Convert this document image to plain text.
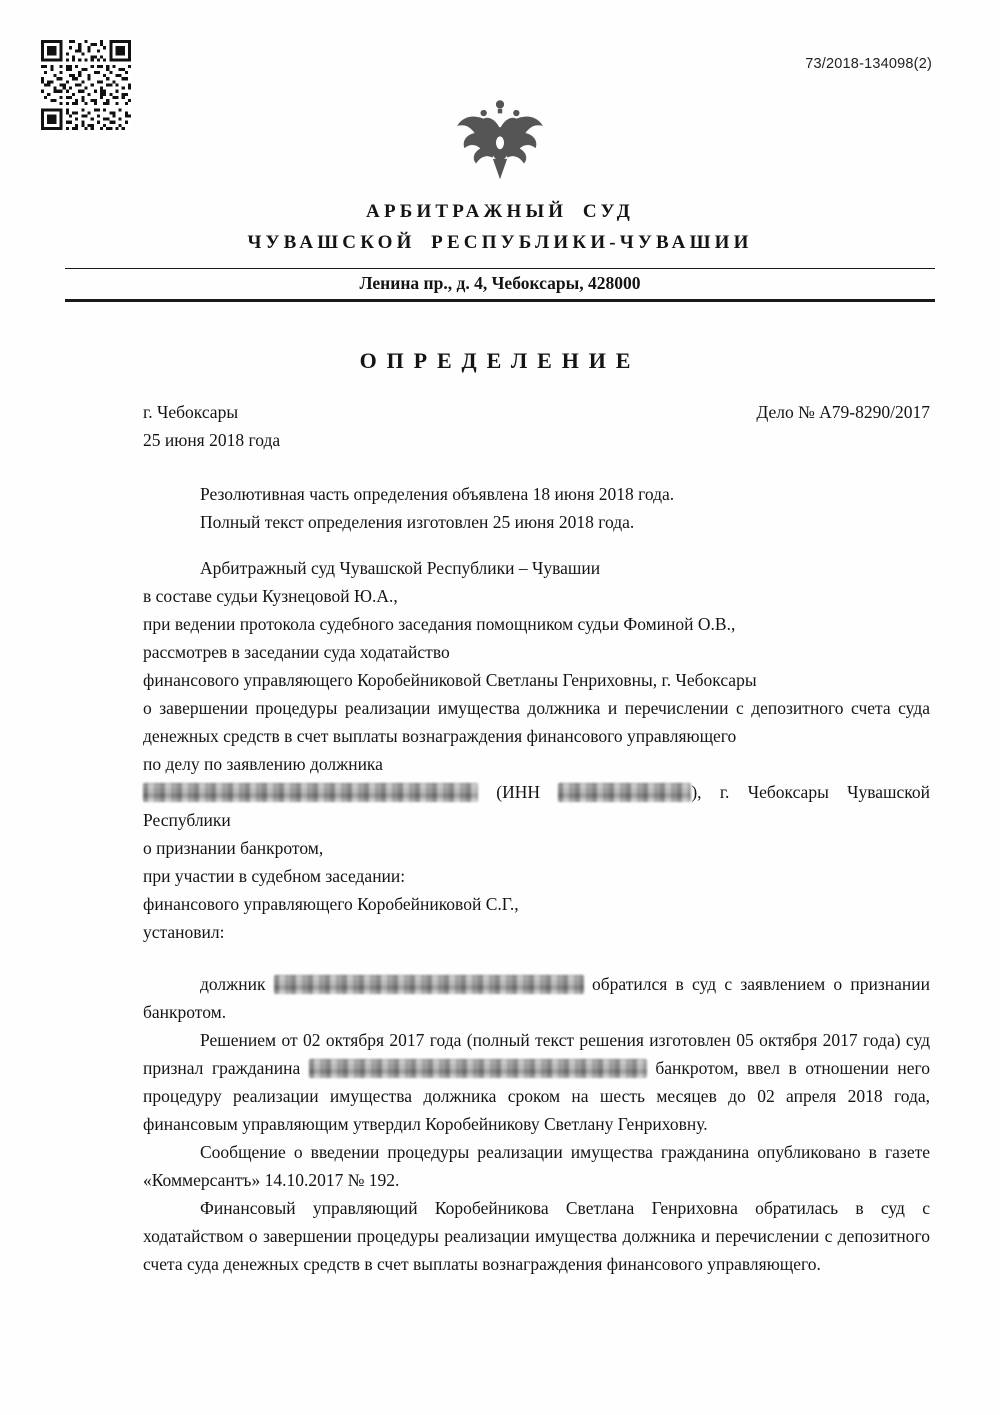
73/2018-134098(2)
АРБИТРАЖНЫЙ СУД
ЧУВАШСКОЙ РЕСПУБЛИКИ-ЧУВАШИИ
Ленина пр., д. 4, Чебоксары, 428000
ОПРЕДЕЛЕНИЕ
г. Чебоксары	Дело № А79-8290/2017
25 июня 2018 года

Резолютивная часть определения объявлена 18 июня 2018 года.

Полный текст определения изготовлен 25 июня 2018 года.

Арбитражный суд Чувашской Республики – Чувашии

в составе судьи Кузнецовой Ю.А.,

при ведении протокола судебного заседания помощником судьи Фоминой О.В.,

рассмотрев в заседании суда ходатайство

финансового управляющего Коробейниковой Светланы Генриховны, г. Чебоксары

о завершении процедуры реализации имущества должника и перечислении с депозитного счета суда денежных средств в счет выплаты вознаграждения финансового управляющего

по делу по заявлению должника

(ИНН	), г. Чебоксары Чувашской Республики

о признании банкротом,

при участии в судебном заседании:

финансового управляющего Коробейниковой С.Г.,

установил:

должник	обратился в суд с заявлением о признании банкротом.

Решением от 02 октября 2017 года (полный текст решения изготовлен 05 октября 2017 года) суд признал гражданина	банкротом, ввел в отношении него процедуру реализации имущества должника сроком на шесть месяцев до 02 апреля 2018 года, финансовым управляющим утвердил Коробейникову Светлану Генриховну.

Сообщение о введении процедуры реализации имущества гражданина опубликовано в газете «Коммерсантъ» 14.10.2017 № 192.

Финансовый управляющий Коробейникова Светлана Генриховна обратилась в суд с ходатайством о завершении процедуры реализации имущества должника и перечислении с депозитного счета суда денежных средств в счет выплаты вознаграждения финансового управляющего.
